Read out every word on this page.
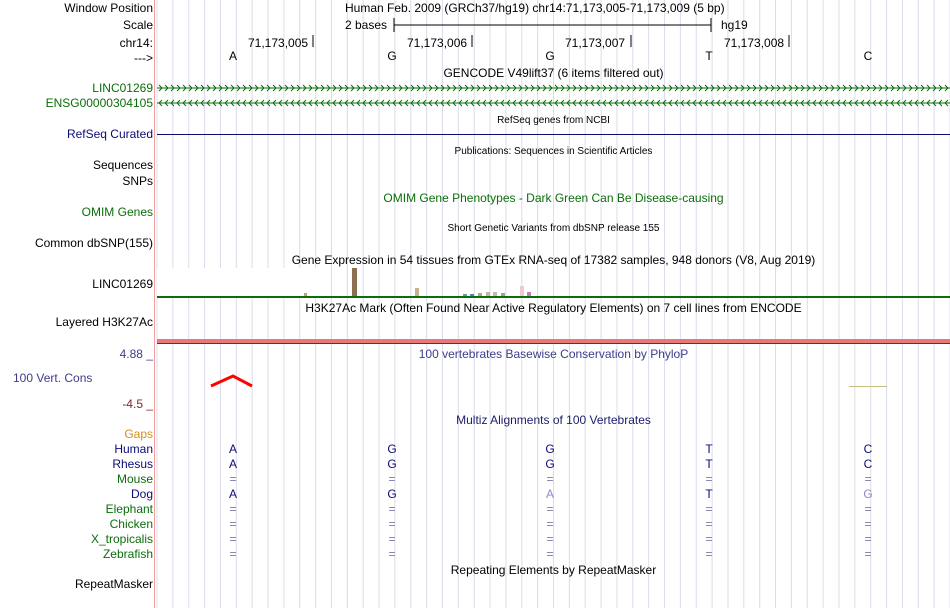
Window Position	Human Feb. 2009 (GRCh37/hg19) chr14:71,173,005-71,173,009 (5 bp)
Scale	2 bases	hg19
chr14:	71,173,005	71,173,006	71,173,007	71,173,008
--->	A	G	G	T	C
GENCODE V49lift37 (6 items filtered out)
LINC01269
ENSG00000304105
RefSeq genes from NCBI
RefSeq Curated
Publications: Sequences in Scientific Articles
Sequences
SNPs
OMIM Gene Phenotypes - Dark Green Can Be Disease-causing
OMIM Genes
Short Genetic Variants from dbSNP release 155
Common dbSNP(155)
Gene Expression in 54 tissues from GTEx RNA-seq of 17382 samples, 948 donors (V8, Aug 2019)
LINC01269
H3K27Ac Mark (Often Found Near Active Regulatory Elements) on 7 cell lines from ENCODE
Layered H3K27Ac
4.88 _	100 vertebrates Basewise Conservation by PhyloP
100 Vert. Cons
-4.5 _
Multiz Alignments of 100 Vertebrates
Gaps
Human	A	G	G	T	C
Rhesus	A	G	G	T	C
Mouse	=	=	=	=	=
Dog	A	G	A	T	G
Elephant	=	=	=	=	=
Chicken	=	=	=	=	=
X_tropicalis	=	=	=	=	=
Zebrafish	=	=	=	=	=
Repeating Elements by RepeatMasker
RepeatMasker
